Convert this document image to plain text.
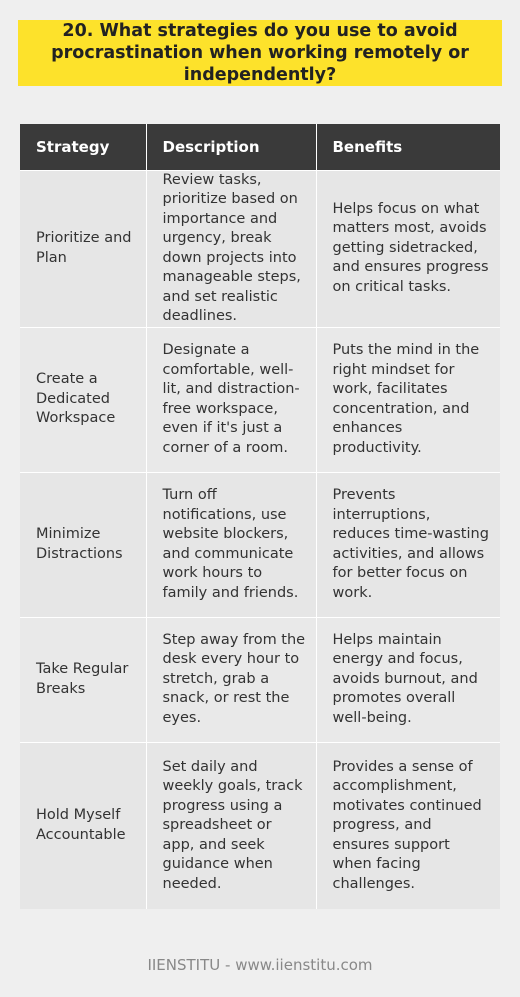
20. What strategies do you use to avoid procrastination when working remotely or independently?
Strategy	Description	Benefits
Prioritize and Plan	Review tasks, prioritize based on importance and urgency, break down projects into manageable steps, and set realistic deadlines.	Helps focus on what matters most, avoids getting sidetracked, and ensures progress on critical tasks.
Create a Dedicated Workspace	Designate a comfortable, well-lit, and distraction-free workspace, even if it's just a corner of a room.	Puts the mind in the right mindset for work, facilitates concentration, and enhances productivity.
Minimize Distractions	Turn off notifications, use website blockers, and communicate work hours to family and friends.	Prevents interruptions, reduces time-wasting activities, and allows for better focus on work.
Take Regular Breaks	Step away from the desk every hour to stretch, grab a snack, or rest the eyes.	Helps maintain energy and focus, avoids burnout, and promotes overall well-being.
Hold Myself Accountable	Set daily and weekly goals, track progress using a spreadsheet or app, and seek guidance when needed.	Provides a sense of accomplishment, motivates continued progress, and ensures support when facing challenges.
IIENSTITU - www.iienstitu.com
